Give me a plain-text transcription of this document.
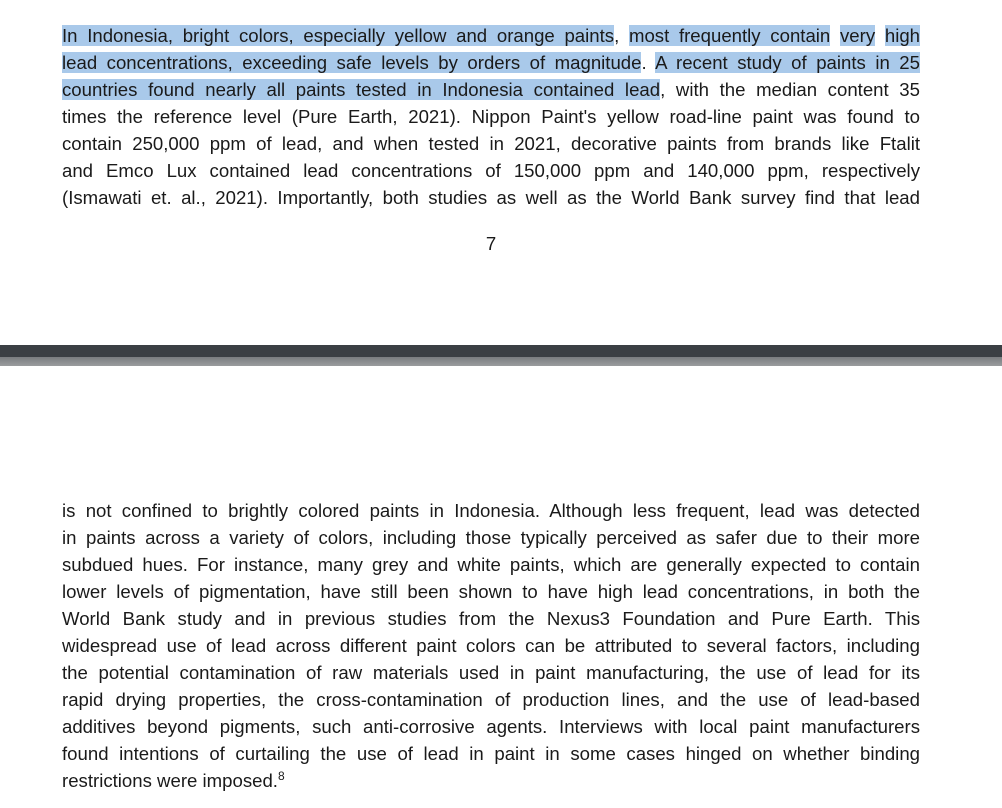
In Indonesia, bright colors, especially yellow and orange paints, most frequently contain very high
lead concentrations, exceeding safe levels by orders of magnitude. A recent study of paints in 25
countries found nearly all paints tested in Indonesia contained lead, with the median content 35
times the reference level (Pure Earth, 2021). Nippon Paint's yellow road-line paint was found to
contain 250,000 ppm of lead, and when tested in 2021, decorative paints from brands like Ftalit
and Emco Lux contained lead concentrations of 150,000 ppm and 140,000 ppm, respectively
(Ismawati et. al., 2021). Importantly, both studies as well as the World Bank survey find that lead

7

is not confined to brightly colored paints in Indonesia. Although less frequent, lead was detected
in paints across a variety of colors, including those typically perceived as safer due to their more
subdued hues. For instance, many grey and white paints, which are generally expected to contain
lower levels of pigmentation, have still been shown to have high lead concentrations, in both the
World Bank study and in previous studies from the Nexus3 Foundation and Pure Earth. This
widespread use of lead across different paint colors can be attributed to several factors, including
the potential contamination of raw materials used in paint manufacturing, the use of lead for its
rapid drying properties, the cross-contamination of production lines, and the use of lead-based
additives beyond pigments, such anti-corrosive agents. Interviews with local paint manufacturers
found intentions of curtailing the use of lead in paint in some cases hinged on whether binding
restrictions were imposed.$^8$
